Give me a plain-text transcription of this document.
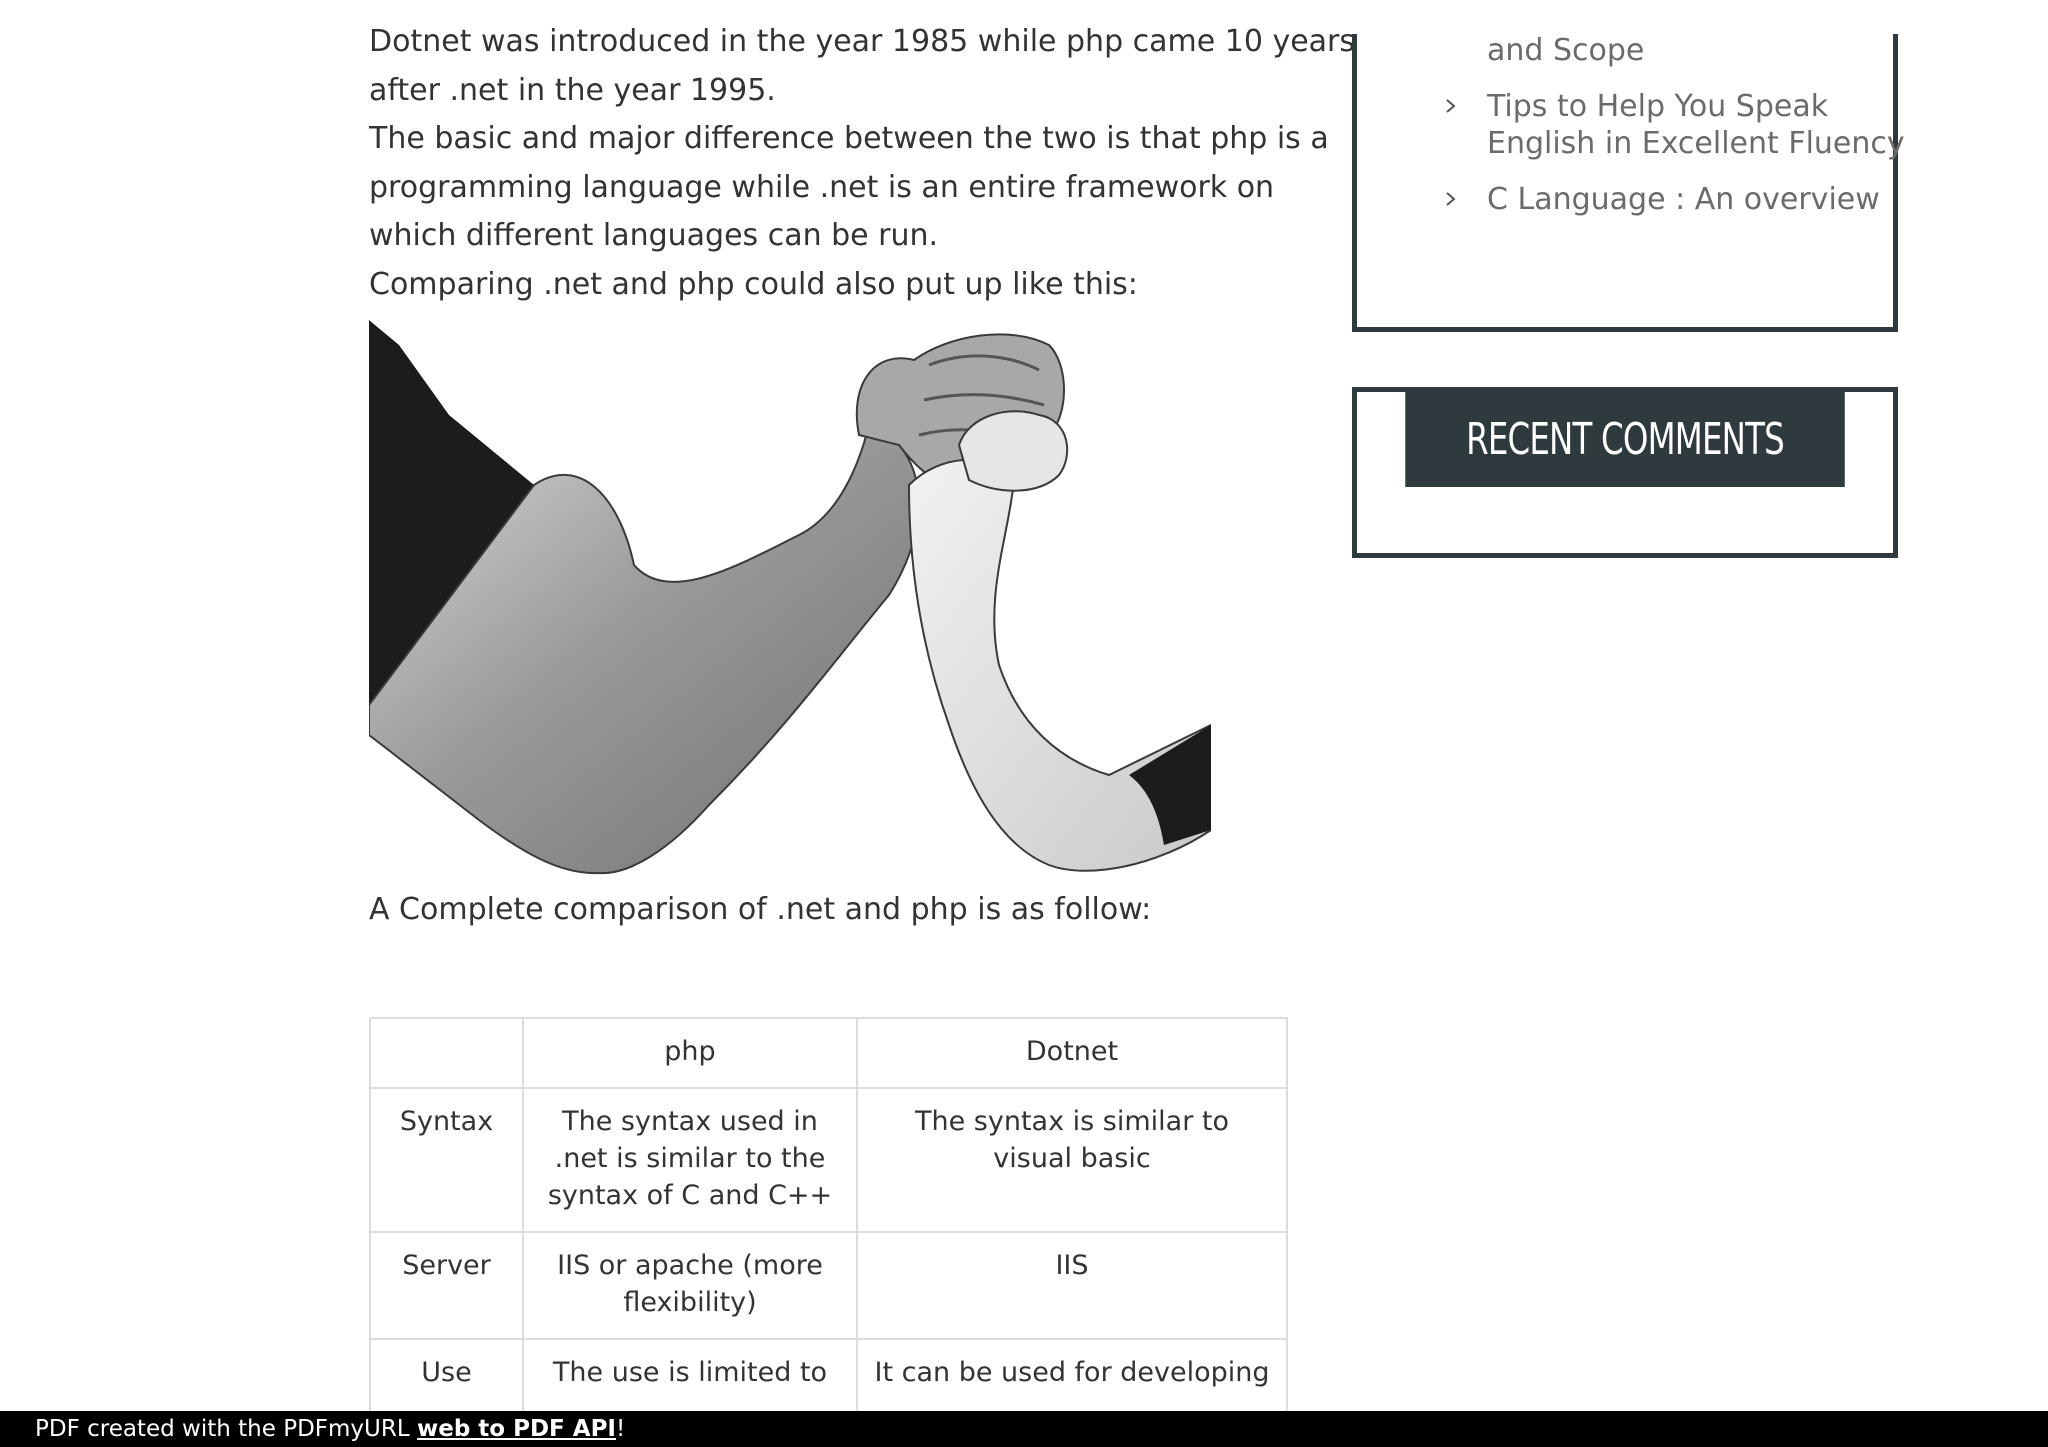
Dotnet was introduced in the year 1985 while php came 10 years

after .net in the year 1995.

The basic and major difference between the two is that php is a

programming language while .net is an entire framework on

which different languages can be run.

Comparing .net and php could also put up like this:

A Complete comparison of .net and php is as follow:

	php	Dotnet
Syntax	The syntax used in .net is similar to the syntax of C and C++	The syntax is similar to visual basic
Server	IIS or apache (more flexibility)	IIS
Use	The use is limited to	It can be used for developing
and Scope
Tips to Help You Speak English in Excellent Fluency
C Language : An overview
RECENT COMMENTS
PDF created with the PDFmyURL web to PDF API!
